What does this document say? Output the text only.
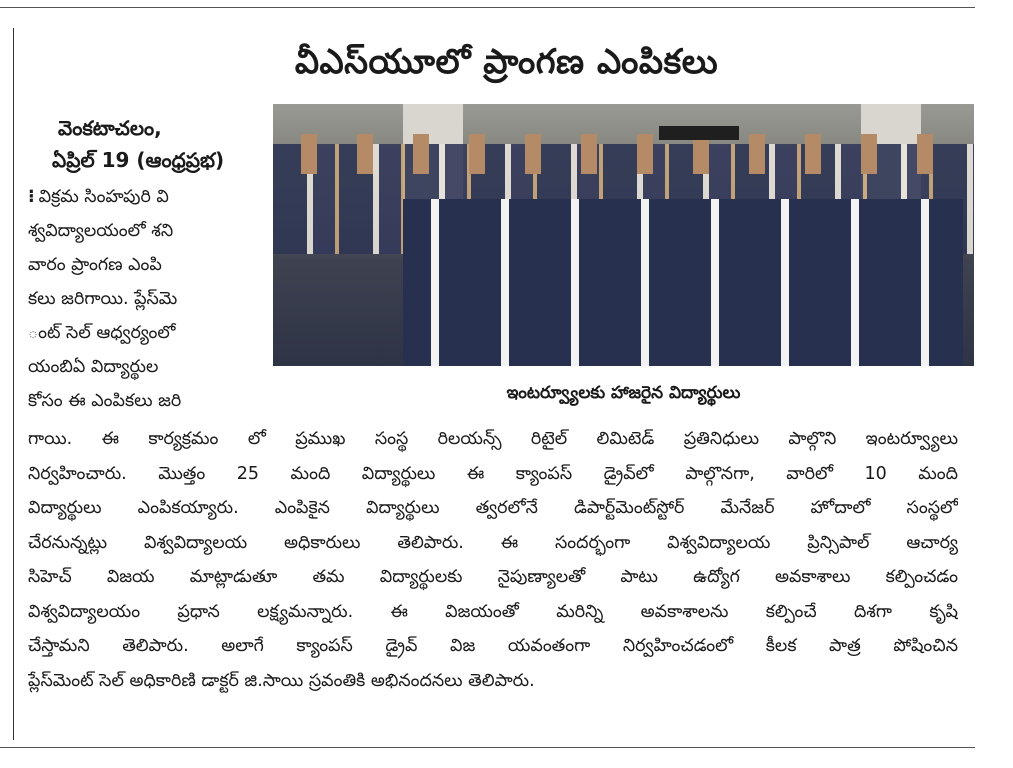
వీఎస్‌యూలో ప్రాంగణ ఎంపికలు
వెంకటాచలం,
ఏప్రిల్ 19 (ఆంధ్రప్రభ)
⁝ విక్రమ సింహపురి వి
శ్వవిద్యాలయంలో శని
వారం ప్రాంగణ ఎంపి
కలు జరిగాయి. ప్లేస్‌మె
ంట్ సెల్ ఆధ్వర్యంలో
యంబిఏ విద్యార్థుల
కోసం ఈ ఎంపికలు జరి	ఇంటర్వ్యూలకు హాజరైన విద్యార్థులు
గాయి. ఈ కార్యక్రమం లో ప్రముఖ సంస్థ రిలయన్స్ రిటైల్ లిమిటెడ్ ప్రతినిధులు పాల్గొని ఇంటర్వ్యూలు
నిర్వహించారు. మొత్తం 25 మంది విద్యార్థులు ఈ క్యాంపస్ డ్రైవ్‌లో పాల్గొనగా, వారిలో 10 మంది
విద్యార్థులు ఎంపికయ్యారు. ఎంపికైన విద్యార్థులు త్వరలోనే డిపార్ట్‌మెంట్‌స్టోర్ మేనేజర్ హోదాలో సంస్థలో
చేరనున్నట్లు విశ్వవిద్యాలయ అధికారులు తెలిపారు. ఈ సందర్భంగా విశ్వవిద్యాలయ ప్రిన్సిపాల్ ఆచార్య
సిహెచ్ విజయ మాట్లాడుతూ తమ విద్యార్థులకు నైపుణ్యాలతో పాటు ఉద్యోగ అవకాశాలు కల్పించడం
విశ్వవిద్యాలయం ప్రధాన లక్ష్యమన్నారు. ఈ విజయంతో మరిన్ని అవకాశాలను కల్పించే దిశగా కృషి
చేస్తామని తెలిపారు. అలాగే క్యాంపస్ డ్రైవ్ విజ యవంతంగా నిర్వహించడంలో కీలక పాత్ర పోషించిన
ప్లేస్‌మెంట్ సెల్ అధికారిణి డాక్టర్ జి.సాయి స్రవంతికి అభినందనలు తెలిపారు.
